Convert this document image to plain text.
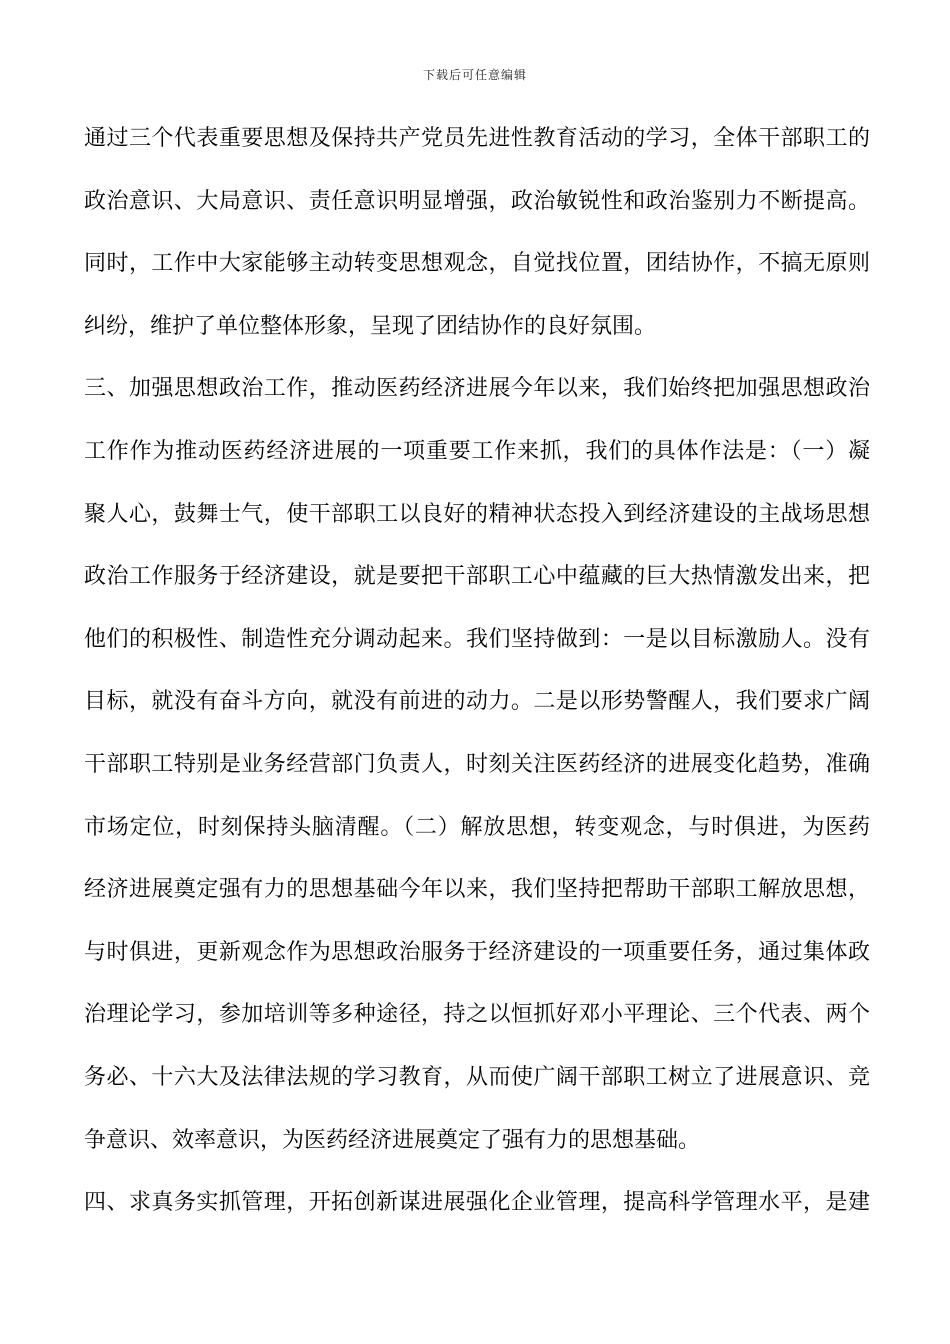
下载后可任意编辑
通过三个代表重要思想及保持共产党员先进性教育活动的学习，全体干部职工的
政治意识、大局意识、责任意识明显增强，政治敏锐性和政治鉴别力不断提高。
同时，工作中大家能够主动转变思想观念，自觉找位置，团结协作，不搞无原则
纠纷，维护了单位整体形象，呈现了团结协作的良好氛围。
三、加强思想政治工作，推动医药经济进展今年以来，我们始终把加强思想政治
工作作为推动医药经济进展的一项重要工作来抓，我们的具体作法是：（一）凝
聚人心，鼓舞士气，使干部职工以良好的精神状态投入到经济建设的主战场思想
政治工作服务于经济建设，就是要把干部职工心中蕴藏的巨大热情激发出来，把
他们的积极性、制造性充分调动起来。我们坚持做到：一是以目标激励人。没有
目标，就没有奋斗方向，就没有前进的动力。二是以形势警醒人，我们要求广阔
干部职工特别是业务经营部门负责人，时刻关注医药经济的进展变化趋势，准确
市场定位，时刻保持头脑清醒。（二）解放思想，转变观念，与时俱进，为医药
经济进展奠定强有力的思想基础今年以来，我们坚持把帮助干部职工解放思想，
与时俱进，更新观念作为思想政治服务于经济建设的一项重要任务，通过集体政
治理论学习，参加培训等多种途径，持之以恒抓好邓小平理论、三个代表、两个
务必、十六大及法律法规的学习教育，从而使广阔干部职工树立了进展意识、竞
争意识、效率意识，为医药经济进展奠定了强有力的思想基础。
四、求真务实抓管理，开拓创新谋进展强化企业管理，提高科学管理水平，是建
